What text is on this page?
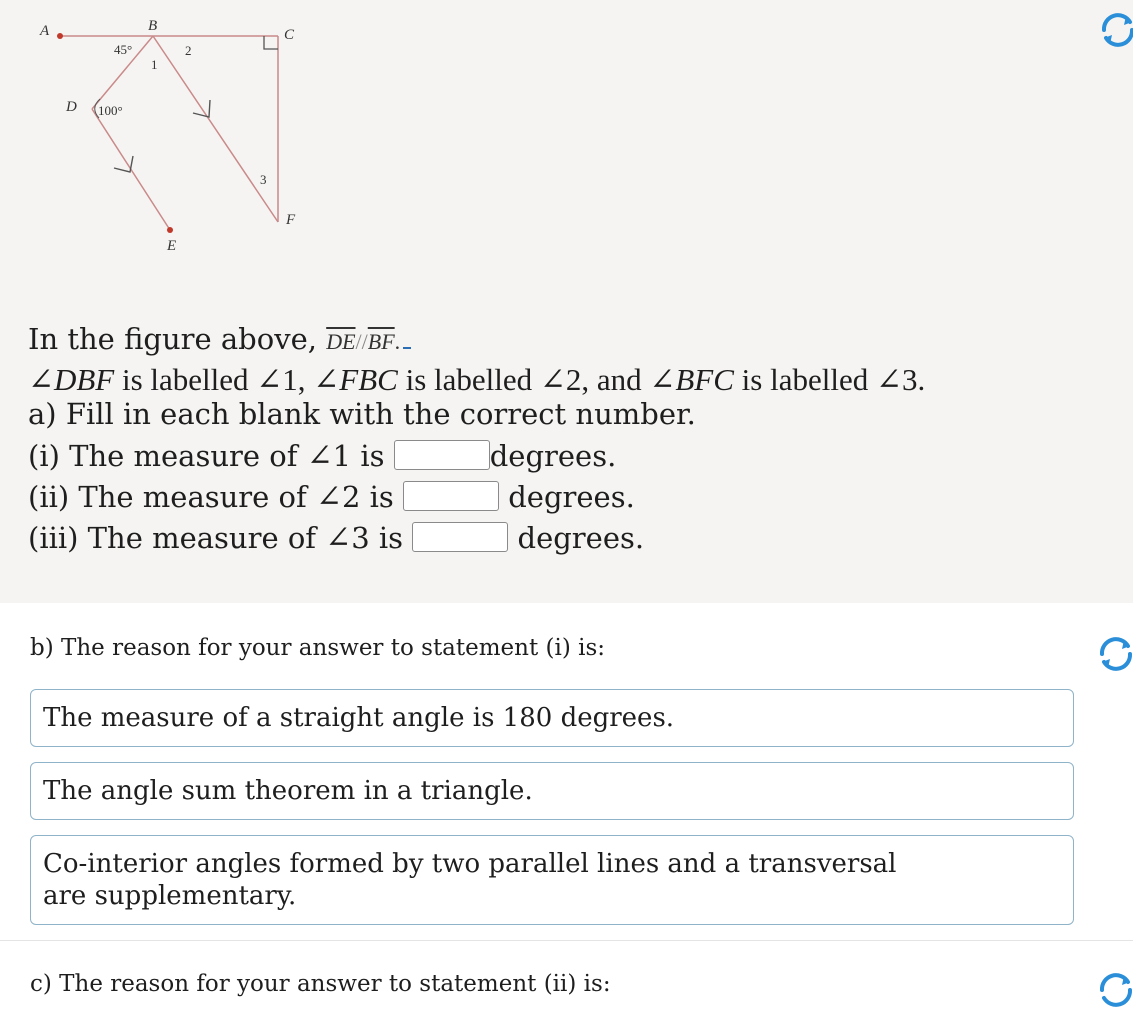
A	B
C
D
E
F
45°
100°
1
2
3
In the figure above, $\overline{DE}//\overline{BF}$.
∠DBF is labelled ∠1, ∠FBC is labelled ∠2, and ∠BFC is labelled ∠3.
a) Fill in each blank with the correct number.
(i) The measure of ∠1 is	degrees.
(ii) The measure of ∠2 is	degrees.
(iii) The measure of ∠3 is	degrees.
b) The reason for your answer to statement (i) is:
The measure of a straight angle is 180 degrees.
The angle sum theorem in a triangle.
Co-interior angles formed by two parallel lines and a transversal are supplementary.
c) The reason for your answer to statement (ii) is:
